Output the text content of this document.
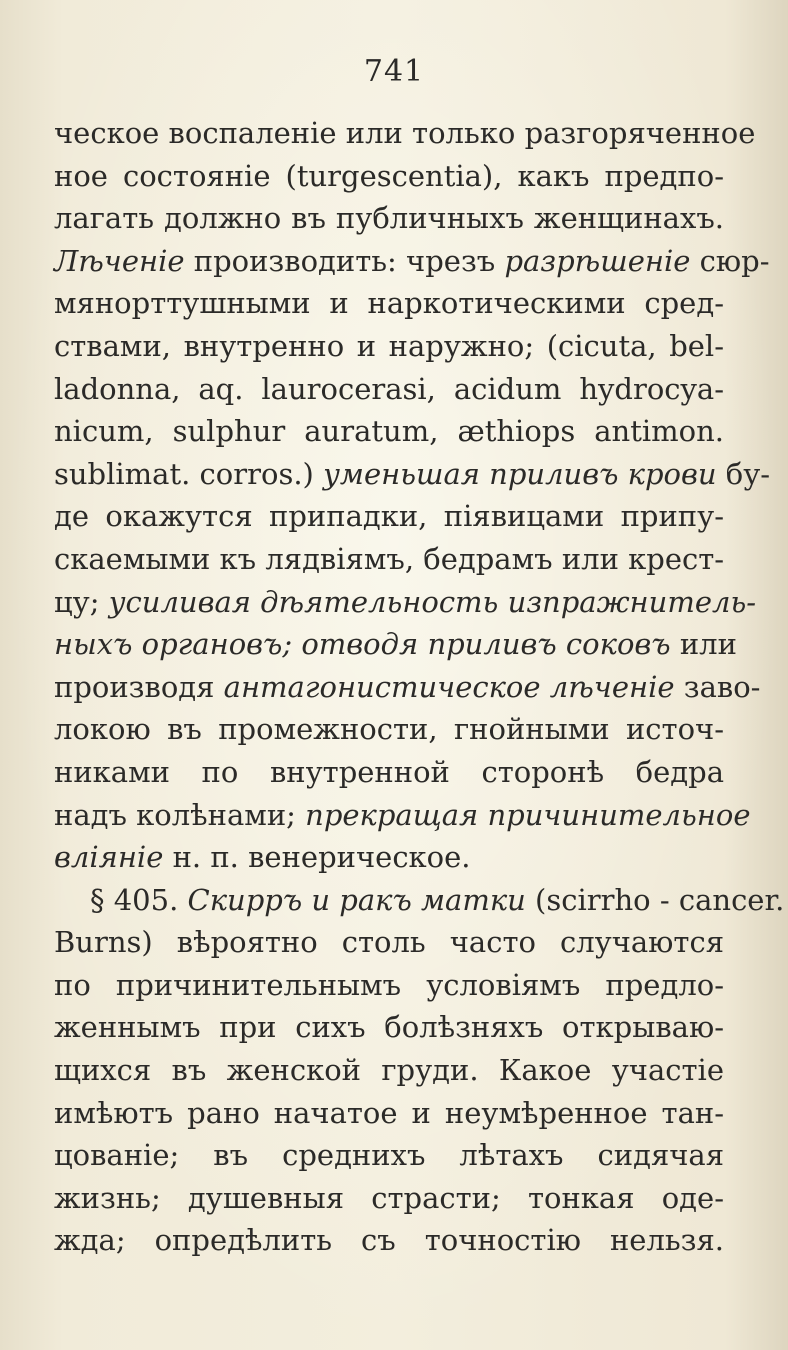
741
ческое воспаленіе или только разгоряченное
ное состояніе (turgescentia), какъ предпо-
лагать должно въ публичныхъ женщинахъ.
Лѣченіе производить: чрезъ разрѣшеніе сюр-
мянорттушными и наркотическими сред-
ствами, внутренно и наружно; (cicuta, bel-
ladonna, aq. laurocerasi, acidum hydrocya-
nicum, sulphur auratum, æthiops antimon.
sublimat. corros.) уменьшая приливъ крови бу-
де окажутся припадки, піявицами припу-
скаемыми къ лядвіямъ, бедрамъ или крест-
цу; усиливая дѣятельность изпражнитель-
ныхъ органовъ; отводя приливъ соковъ или
производя антагонистическое лѣченіе заво-
локою въ промежности, гнойными источ-
никами по внутренной сторонѣ бедра
надъ колѣнами; прекращая причинительное
вліяніе н. п. венерическое.
§ 405. Скирръ и ракъ матки (scirrho - cancer.
Burns) вѣроятно столь часто случаются
по причинительнымъ условіямъ предло-
женнымъ при сихъ болѣзняхъ открываю-
щихся въ женской груди. Какое участіе
имѣютъ рано начатое и неумѣренное тан-
цованіе; въ среднихъ лѣтахъ сидячая
жизнь; душевныя страсти; тонкая оде-
жда; опредѣлить съ точностію нельзя.
